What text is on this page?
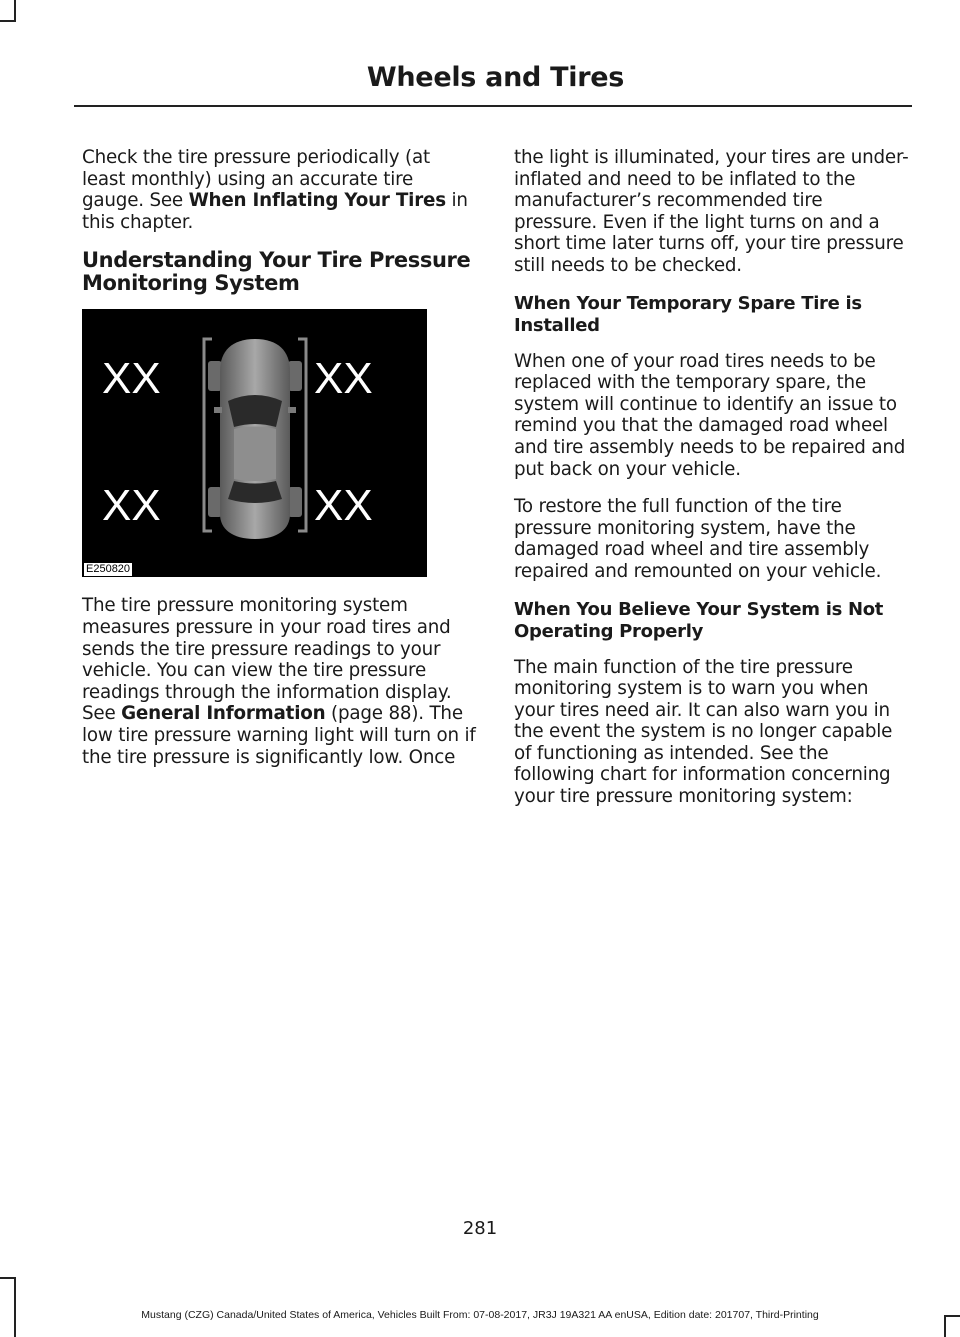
Wheels and Tires

Check the tire pressure periodically (at least monthly) using an accurate tire gauge. See When Inflating Your Tires in this chapter.

Understanding Your Tire Pressure Monitoring System
XX	XX
XX	XX
E250820

The tire pressure monitoring system measures pressure in your road tires and sends the tire pressure readings to your vehicle. You can view the tire pressure readings through the information display. See General Information (page 88). The low tire pressure warning light will turn on if the tire pressure is significantly low. Once

the light is illuminated, your tires are under-inflated and need to be inflated to the manufacturer’s recommended tire pressure. Even if the light turns on and a short time later turns off, your tire pressure still needs to be checked.

When Your Temporary Spare Tire is Installed

When one of your road tires needs to be replaced with the temporary spare, the system will continue to identify an issue to remind you that the damaged road wheel and tire assembly needs to be repaired and put back on your vehicle.

To restore the full function of the tire pressure monitoring system, have the damaged road wheel and tire assembly repaired and remounted on your vehicle.

When You Believe Your System is Not Operating Properly

The main function of the tire pressure monitoring system is to warn you when your tires need air. It can also warn you in the event the system is no longer capable of functioning as intended. See the following chart for information concerning your tire pressure monitoring system:

281
Mustang (CZG) Canada/United States of America, Vehicles Built From: 07-08-2017, JR3J 19A321 AA enUSA, Edition date: 201707, Third-Printing
